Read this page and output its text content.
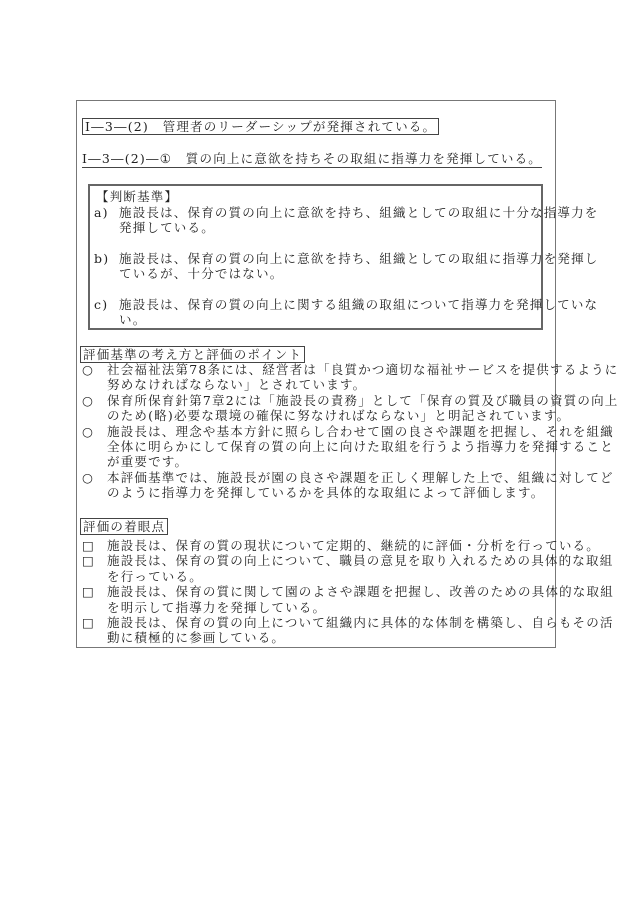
Ⅰ―3―(2)　管理者のリーダーシップが発揮されている。
Ⅰ―3―(2)―①　質の向上に意欲を持ちその取組に指導力を発揮している。
【判断基準】
a) 施設長は、保育の質の向上に意欲を持ち、組織としての取組に十分な指導力を
発揮している。
b) 施設長は、保育の質の向上に意欲を持ち、組織としての取組に指導力を発揮し
ているが、十分ではない。
c) 施設長は、保育の質の向上に関する組織の取組について指導力を発揮していな
い。
評価基準の考え方と評価のポイント
○ 社会福祉法第78条には、経営者は「良質かつ適切な福祉サービスを提供するように
努めなければならない」とされています。
○ 保育所保育針第7章2には「施設長の責務」として「保育の質及び職員の資質の向上
のため(略)必要な環境の確保に努なければならない」と明記されています。
○ 施設長は、理念や基本方針に照らし合わせて園の良さや課題を把握し、それを組織
全体に明らかにして保育の質の向上に向けた取組を行うよう指導力を発揮すること
が重要です。
○ 本評価基準では、施設長が園の良さや課題を正しく理解した上で、組織に対してど
のように指導力を発揮しているかを具体的な取組によって評価します。
評価の着眼点
□ 施設長は、保育の質の現状について定期的、継続的に評価・分析を行っている。
□ 施設長は、保育の質の向上について、職員の意見を取り入れるための具体的な取組
を行っている。
□ 施設長は、保育の質に関して園のよさや課題を把握し、改善のための具体的な取組
を明示して指導力を発揮している。
□ 施設長は、保育の質の向上について組織内に具体的な体制を構築し、自らもその活
動に積極的に参画している。
